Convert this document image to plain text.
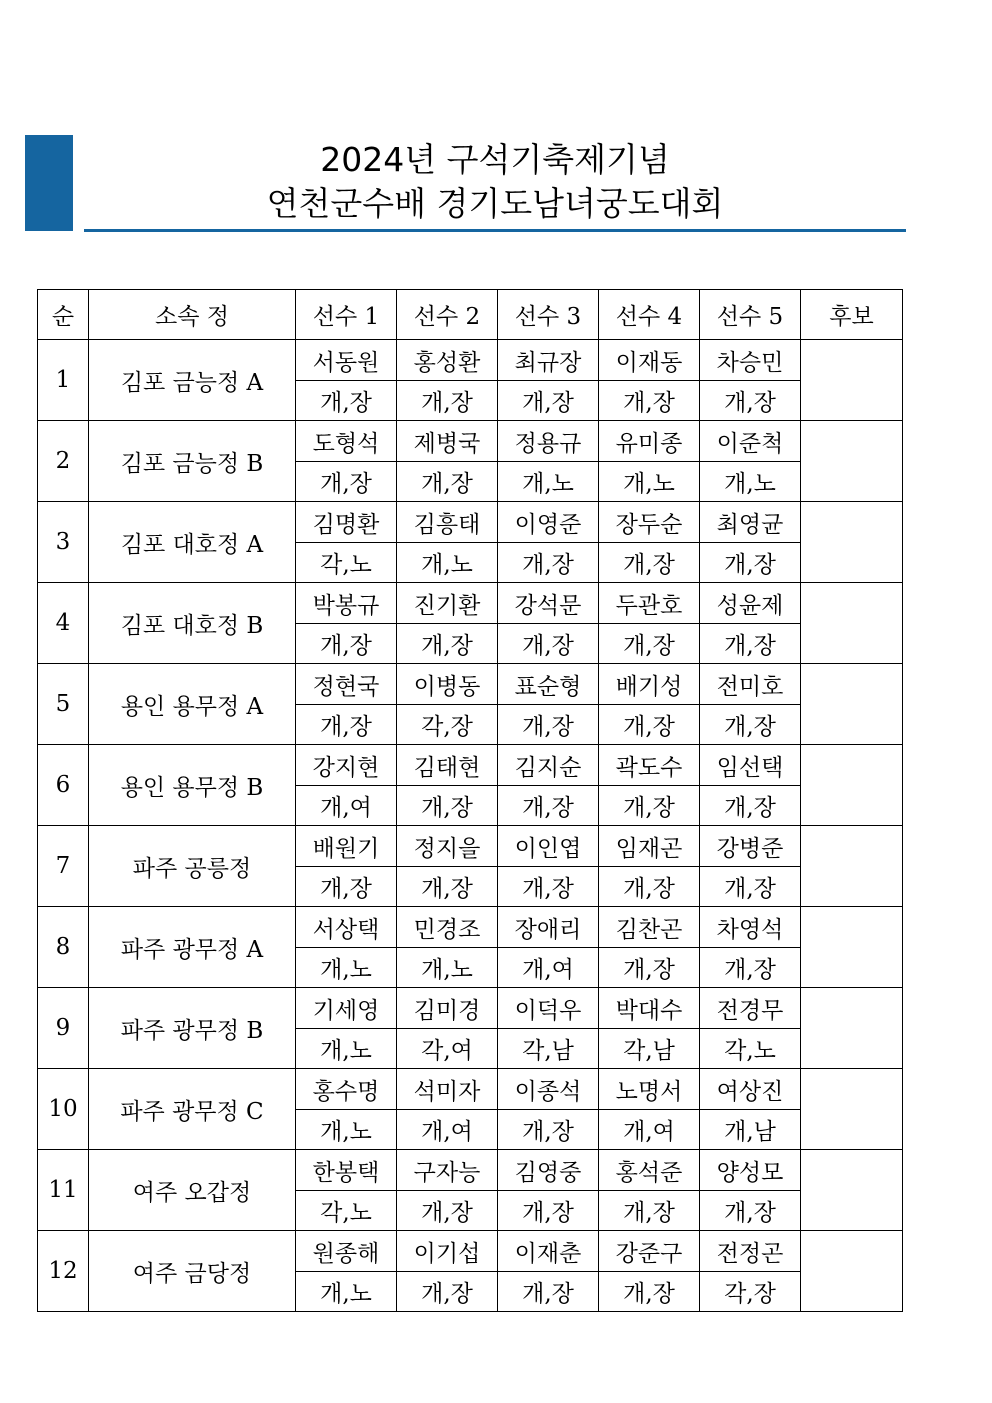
2024년 구석기축제기념
연천군수배 경기도남녀궁도대회
순	소속 정	선수 1	선수 2	선수 3	선수 4	선수 5	후보
1	김포 금능정 A	서동원	홍성환	최규장	이재동	차승민	
		개,장	개,장	개,장	개,장	개,장	
2	김포 금능정 B	도형석	제병국	정용규	유미종	이준척	
		개,장	개,장	개,노	개,노	개,노	
3	김포 대호정 A	김명환	김흥태	이영준	장두순	최영균	
		각,노	개,노	개,장	개,장	개,장	
4	김포 대호정 B	박봉규	진기환	강석문	두관호	성윤제	
		개,장	개,장	개,장	개,장	개,장	
5	용인 용무정 A	정현국	이병동	표순형	배기성	전미호	
		개,장	각,장	개,장	개,장	개,장	
6	용인 용무정 B	강지현	김태현	김지순	곽도수	임선택	
		개,여	개,장	개,장	개,장	개,장	
7	파주 공릉정	배원기	정지을	이인엽	임재곤	강병준	
		개,장	개,장	개,장	개,장	개,장	
8	파주 광무정 A	서상택	민경조	장애리	김찬곤	차영석	
		개,노	개,노	개,여	개,장	개,장	
9	파주 광무정 B	기세영	김미경	이덕우	박대수	전경무	
		개,노	각,여	각,남	각,남	각,노	
10	파주 광무정 C	홍수명	석미자	이종석	노명서	여상진	
		개,노	개,여	개,장	개,여	개,남	
11	여주 오갑정	한봉택	구자능	김영중	홍석준	양성모	
		각,노	개,장	개,장	개,장	개,장	
12	여주 금당정	원종해	이기섭	이재춘	강준구	전정곤	
		개,노	개,장	개,장	개,장	각,장	
